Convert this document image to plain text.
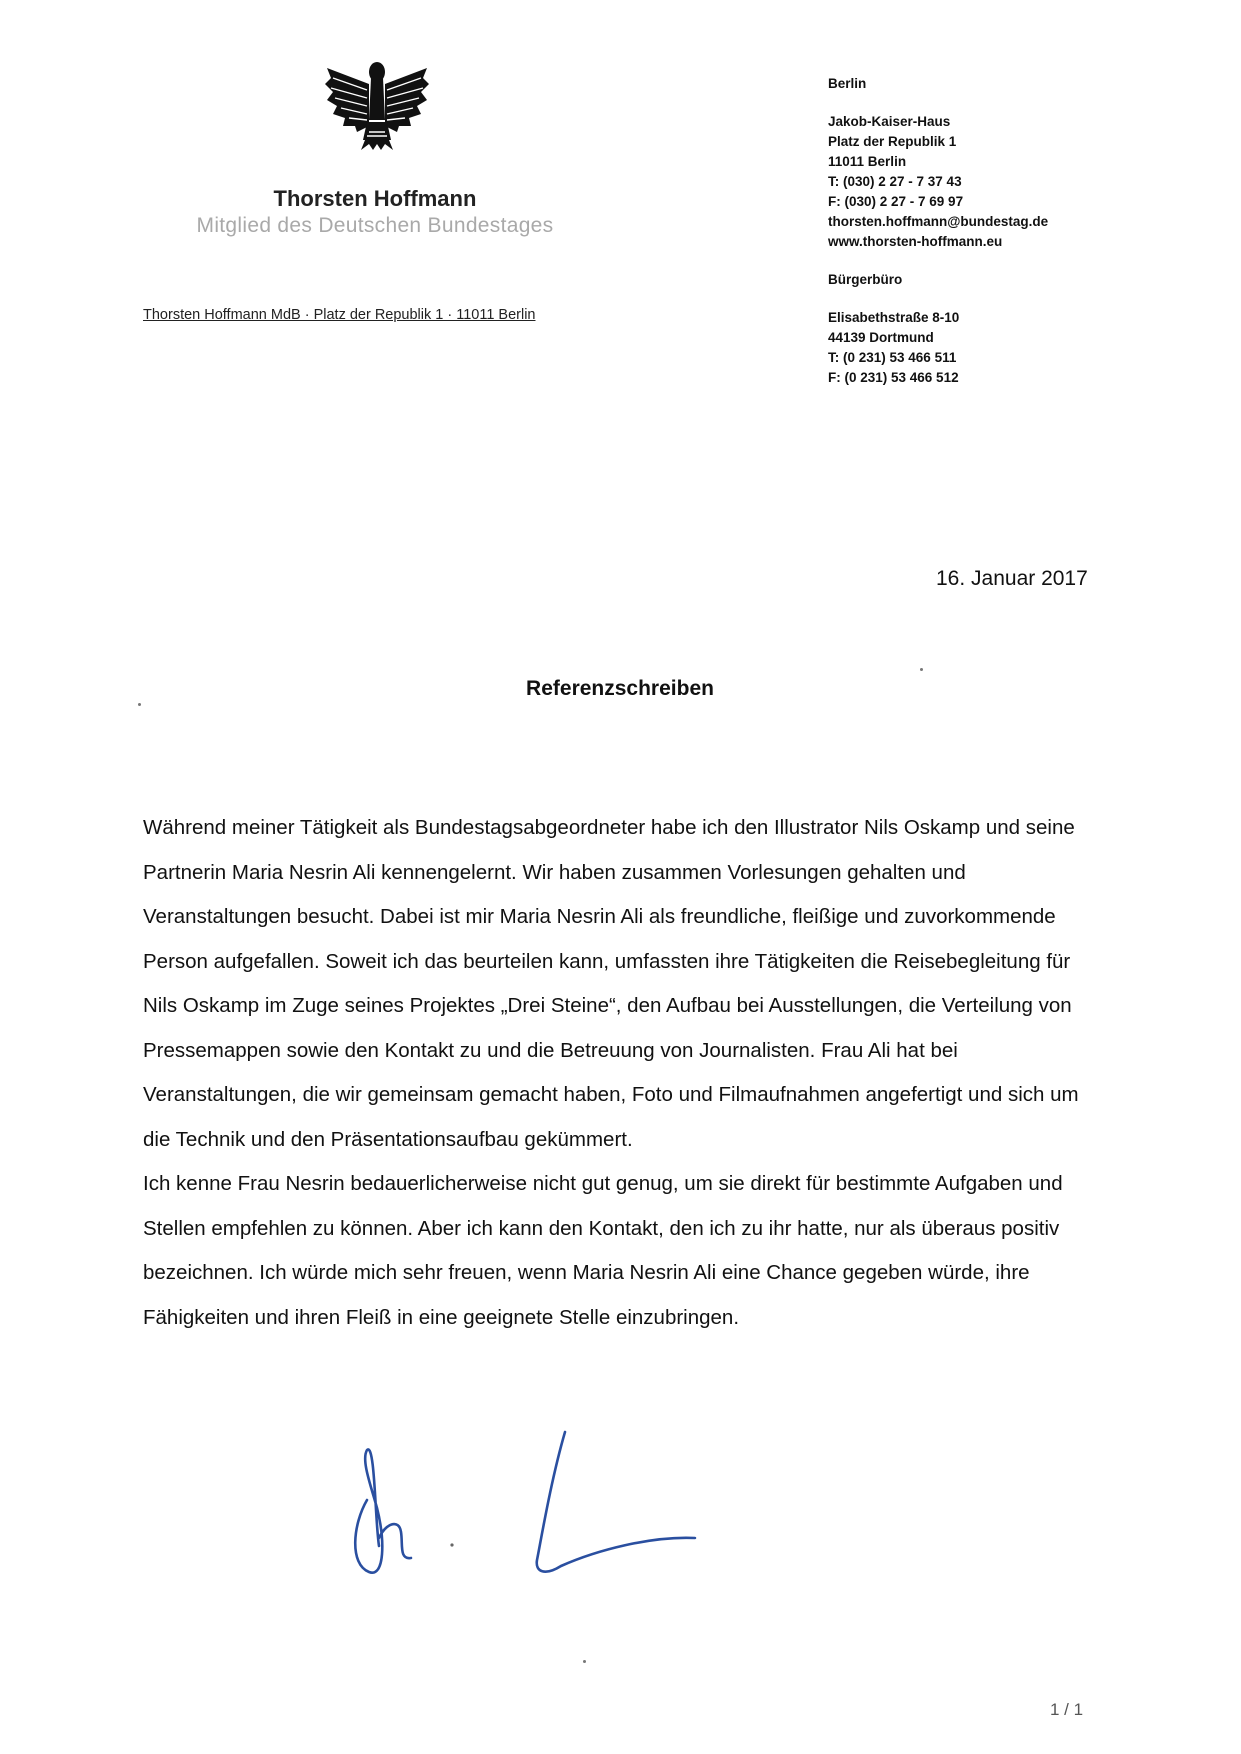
Thorsten Hoffmann
Mitglied des Deutschen Bundestages
Thorsten Hoffmann MdB · Platz der Republik 1 · 11011 Berlin
Berlin
Jakob-Kaiser-Haus
Platz der Republik 1
11011 Berlin
T: (030) 2 27 - 7 37 43
F: (030) 2 27 - 7 69 97
thorsten.hoffmann@bundestag.de
www.thorsten-hoffmann.eu
Bürgerbüro
Elisabethstraße 8-10
44139 Dortmund
T: (0 231) 53 466 511
F: (0 231) 53 466 512
16. Januar 2017
Referenzschreiben

Während meiner Tätigkeit als Bundestagsabgeordneter habe ich den Illustrator Nils Oskamp und seine Partnerin Maria Nesrin Ali kennengelernt. Wir haben zusammen Vorlesungen gehalten und Veranstaltungen besucht. Dabei ist mir Maria Nesrin Ali als freundliche, fleißige und zuvorkommende Person aufgefallen. Soweit ich das beurteilen kann, umfassten ihre Tätigkeiten die Reisebegleitung für Nils Oskamp im Zuge seines Projektes „Drei Steine“, den Aufbau bei Ausstellungen, die Verteilung von Pressemappen sowie den Kontakt zu und die Betreuung von Journalisten. Frau Ali hat bei Veranstaltungen, die wir gemeinsam gemacht haben, Foto und Filmaufnahmen angefertigt und sich um die Technik und den Präsentationsaufbau gekümmert.

Ich kenne Frau Nesrin bedauerlicherweise nicht gut genug, um sie direkt für bestimmte Aufgaben und Stellen empfehlen zu können. Aber ich kann den Kontakt, den ich zu ihr hatte, nur als überaus positiv bezeichnen. Ich würde mich sehr freuen, wenn Maria Nesrin Ali eine Chance gegeben würde, ihre Fähigkeiten und ihren Fleiß in eine geeignete Stelle einzubringen.

1 / 1
